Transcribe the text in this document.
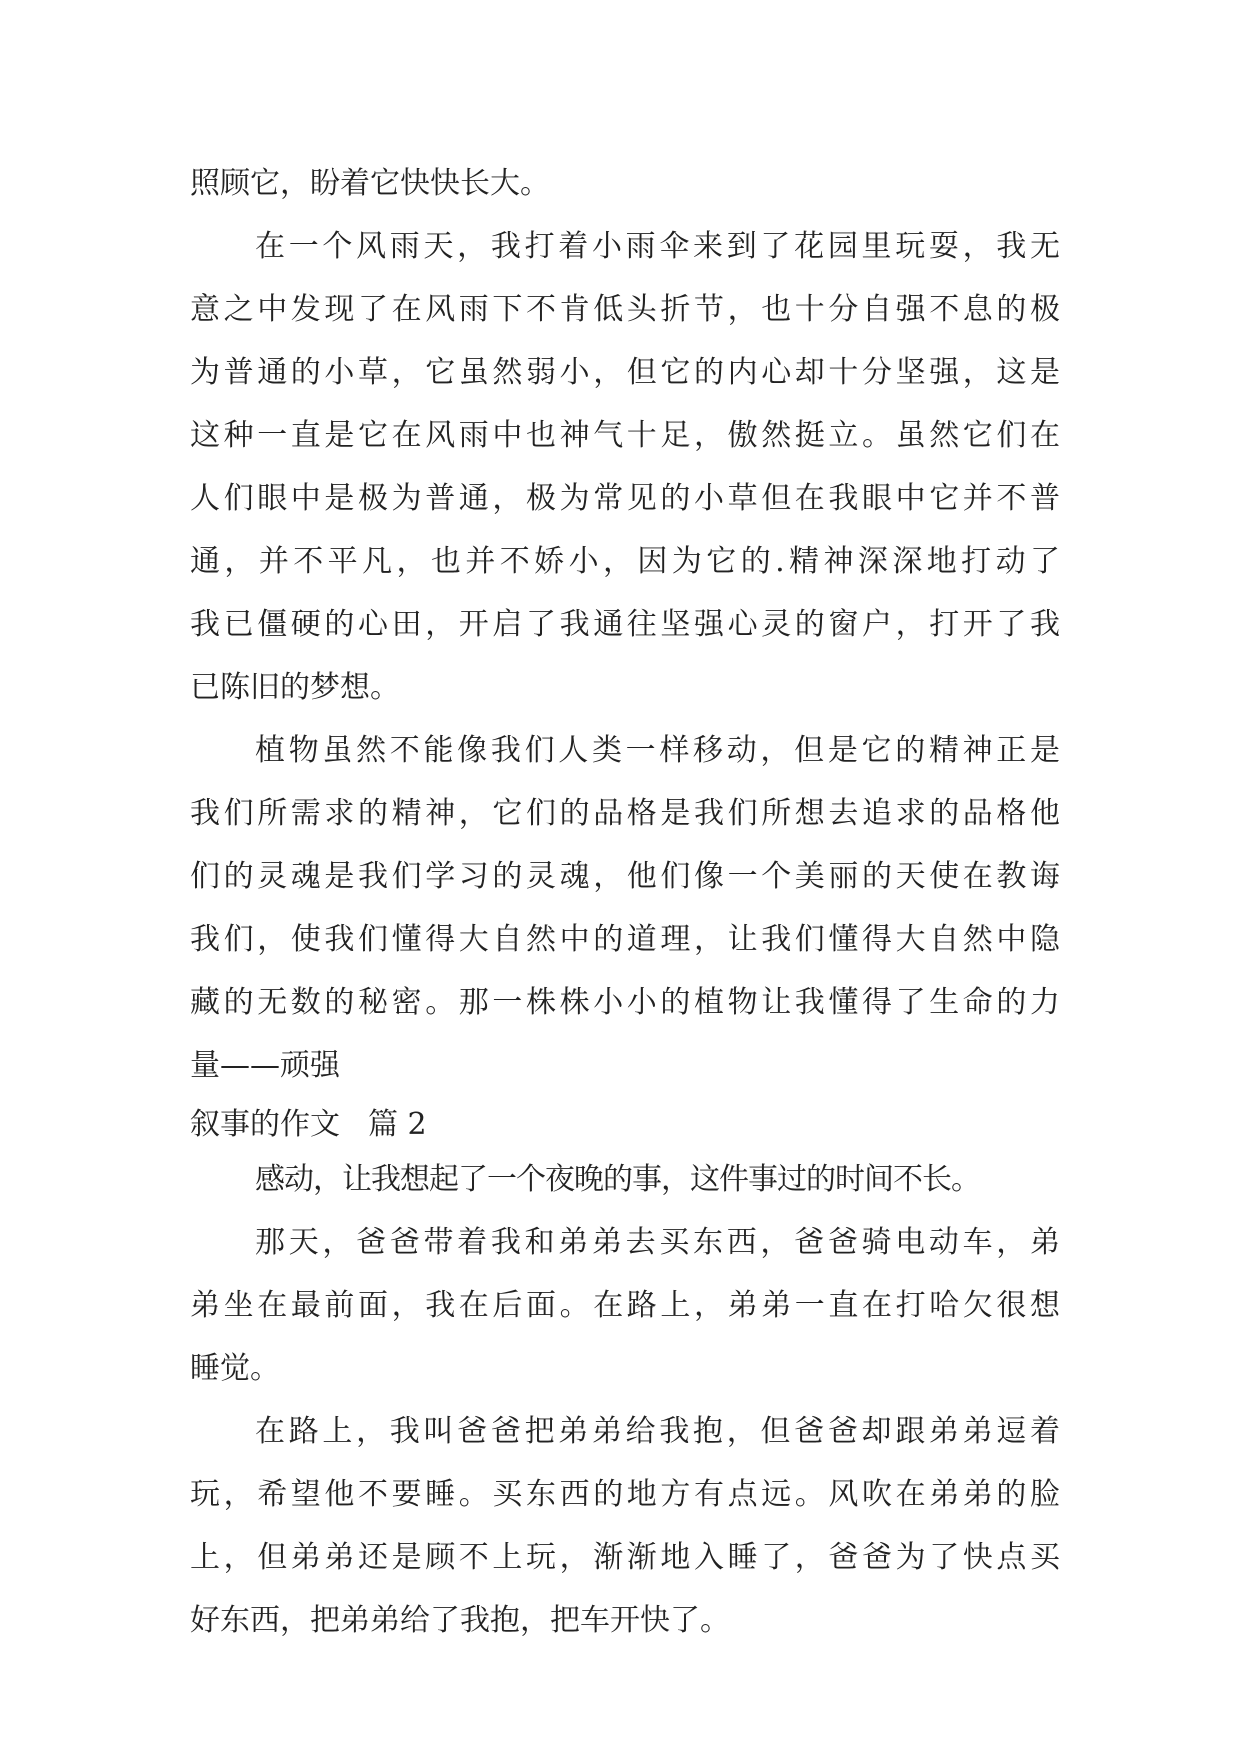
照顾它，盼着它快快长大。
在一个风雨天，我打着小雨伞来到了花园里玩耍，我无
意之中发现了在风雨下不肯低头折节，也十分自强不息的极
为普通的小草，它虽然弱小，但它的内心却十分坚强，这是
这种一直是它在风雨中也神气十足，傲然挺立。虽然它们在
人们眼中是极为普通，极为常见的小草但在我眼中它并不普
通，并不平凡，也并不娇小，因为它的.精神深深地打动了
我已僵硬的心田，开启了我通往坚强心灵的窗户，打开了我
已陈旧的梦想。
植物虽然不能像我们人类一样移动，但是它的精神正是
我们所需求的精神，它们的品格是我们所想去追求的品格他
们的灵魂是我们学习的灵魂，他们像一个美丽的天使在教诲
我们，使我们懂得大自然中的道理，让我们懂得大自然中隐
藏的无数的秘密。那一株株小小的植物让我懂得了生命的力
量——顽强
叙事的作文 篇 2
感动，让我想起了一个夜晚的事，这件事过的时间不长。
那天，爸爸带着我和弟弟去买东西，爸爸骑电动车，弟
弟坐在最前面，我在后面。在路上，弟弟一直在打哈欠很想
睡觉。
在路上，我叫爸爸把弟弟给我抱，但爸爸却跟弟弟逗着
玩，希望他不要睡。买东西的地方有点远。风吹在弟弟的脸
上，但弟弟还是顾不上玩，渐渐地入睡了，爸爸为了快点买
好东西，把弟弟给了我抱，把车开快了。
